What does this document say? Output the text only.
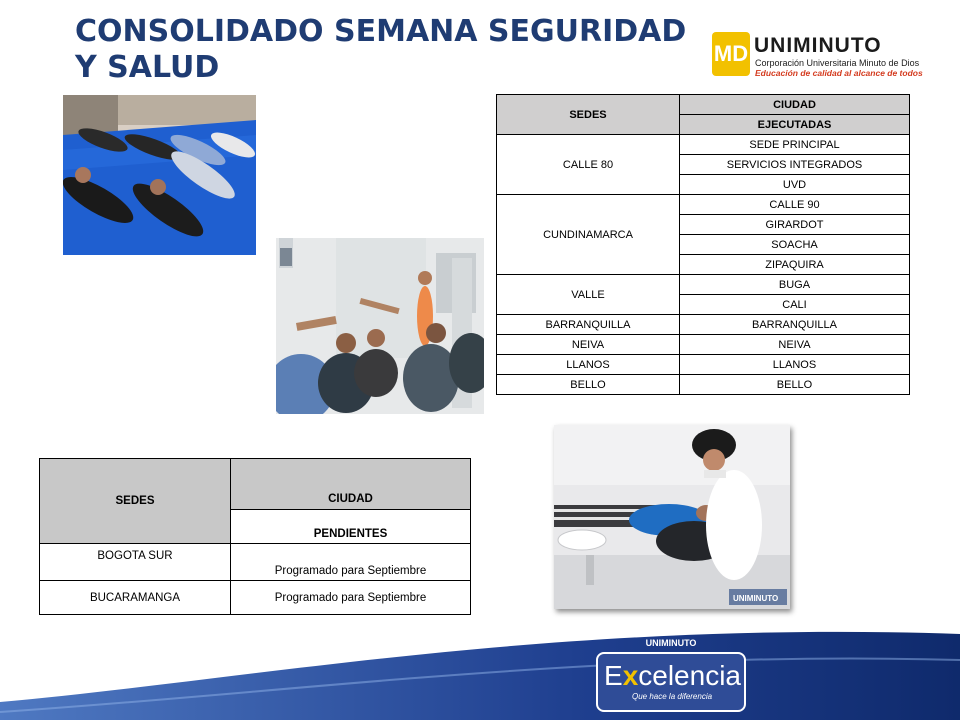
CONSOLIDADO SEMANA SEGURIDAD Y SALUD	MD UNIMINUTO
Corporación Universitaria Minuto de Dios
Educación de calidad al alcance de todos
UNIMINUTO
SEDES	CIUDAD
	EJECUTADAS
CALLE 80	SEDE PRINCIPAL
	SERVICIOS INTEGRADOS
	UVD
CUNDINAMARCA	CALLE 90
	GIRARDOT
	SOACHA
	ZIPAQUIRA
VALLE	BUGA
	CALI
BARRANQUILLA	BARRANQUILLA
NEIVA	NEIVA
LLANOS	LLANOS
BELLO	BELLO
SEDES	CIUDAD
	PENDIENTES
BOGOTA SUR	Programado para Septiembre
BUCARAMANGA	Programado para Septiembre
UNIMINUTO
Excelencia
Que hace la diferencia
